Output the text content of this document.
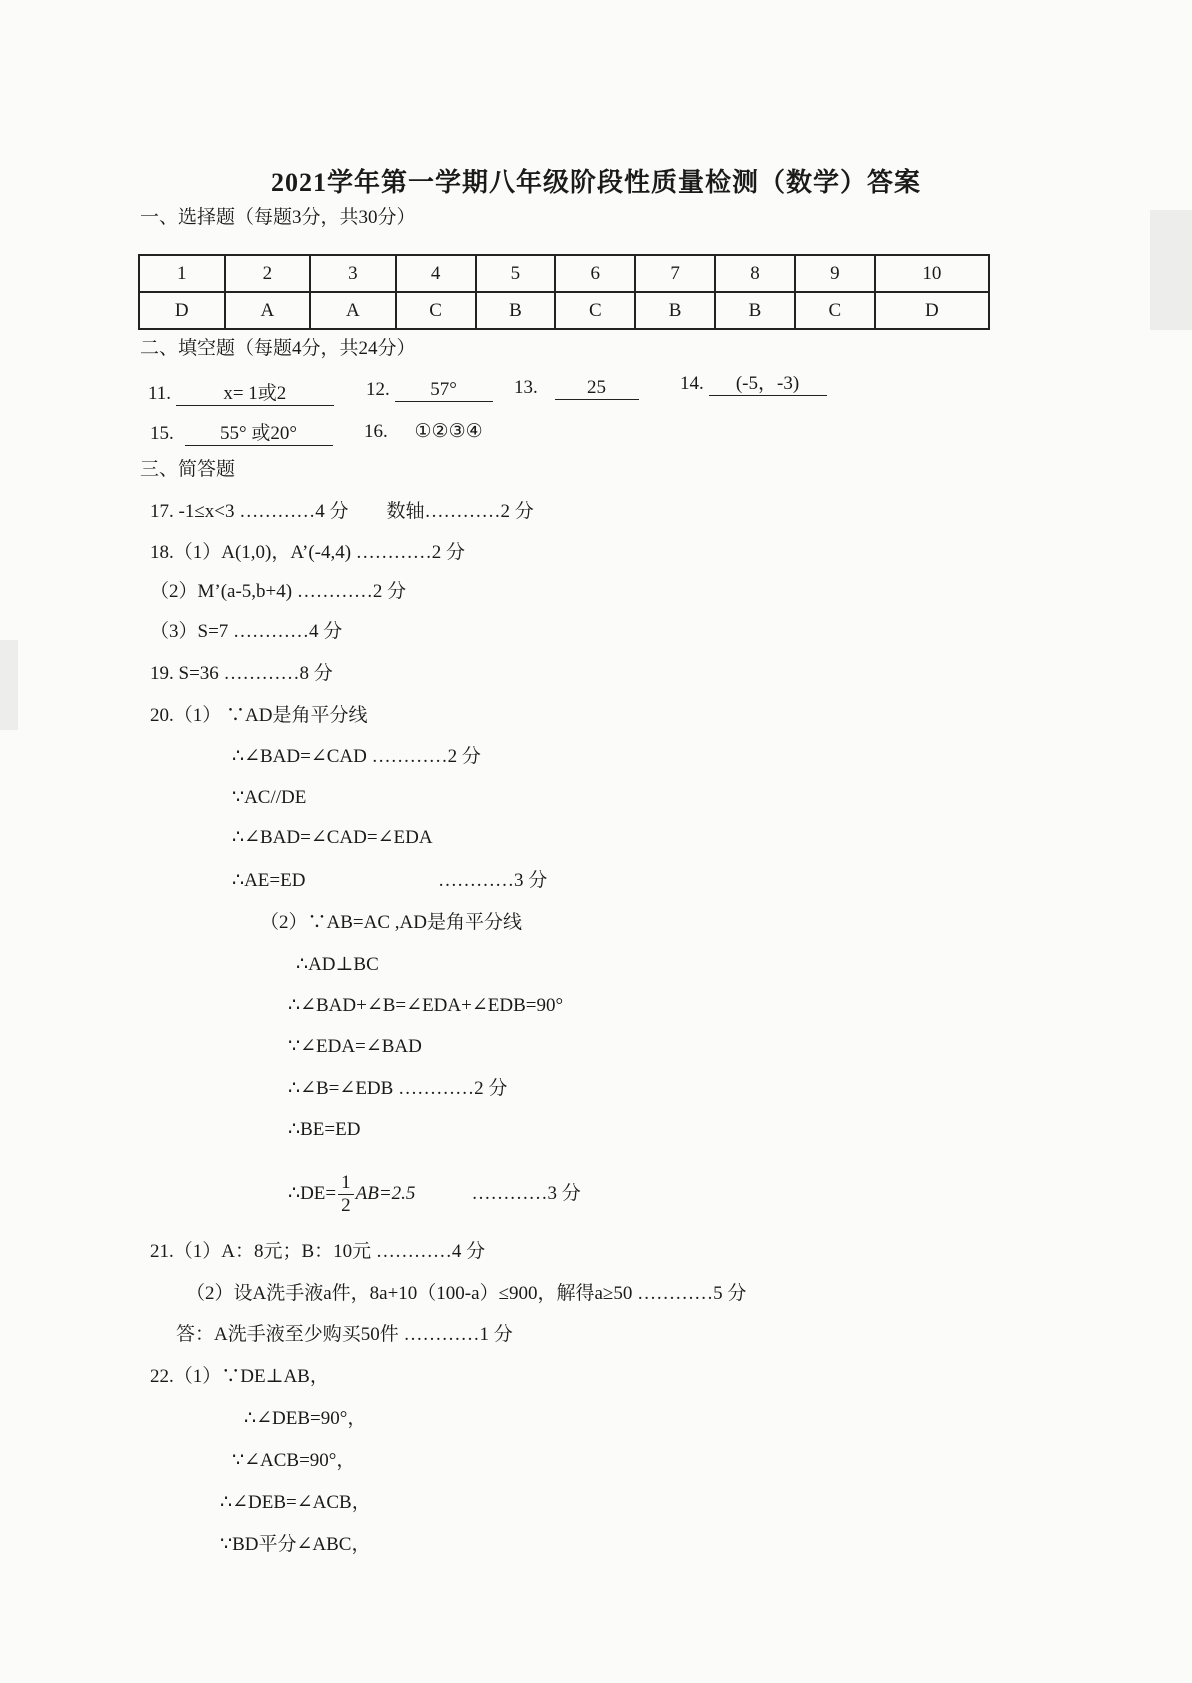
2021学年第一学期八年级阶段性质量检测（数学）答案
一、选择题（每题3分，共30分）
1	2	3	4	5	6	7	8	9	10
D	A	A	C	B	C	B	B	C	D
二、填空题（每题4分，共24分）
11.	x= 1或2	12. 57°	13.	25	14. (-5，-3)
15. 55° 或20°	16. ①②③④
三、简答题
17. -1≤x<3 …………4 分　　数轴…………2 分
18.（1）A(1,0)，A’(-4,4) …………2 分
（2）M’(a-5,b+4) …………2 分
（3）S=7 …………4 分
19. S=36 …………8 分
20.（1） ∵AD是角平分线
∴∠BAD=∠CAD …………2 分
∵AC//DE
∴∠BAD=∠CAD=∠EDA
∴AE=ED	…………3 分
（2）∵AB=AC ,AD是角平分线
∴AD⊥BC
∴∠BAD+∠B=∠EDA+∠EDB=90°
∵∠EDA=∠BAD
∴∠B=∠EDB …………2 分
∴BE=ED
∴DE= $\frac{1}{2} AB=2.5$	…………3 分
21.（1）A：8元；B：10元 …………4 分
（2）设A洗手液a件，8a+10（100-a）≤900，解得a≥50 …………5 分
答：A洗手液至少购买50件 …………1 分
22.（1）∵DE⊥AB，
∴∠DEB=90°，
∵∠ACB=90°，
∴∠DEB=∠ACB，
∵BD平分∠ABC，
